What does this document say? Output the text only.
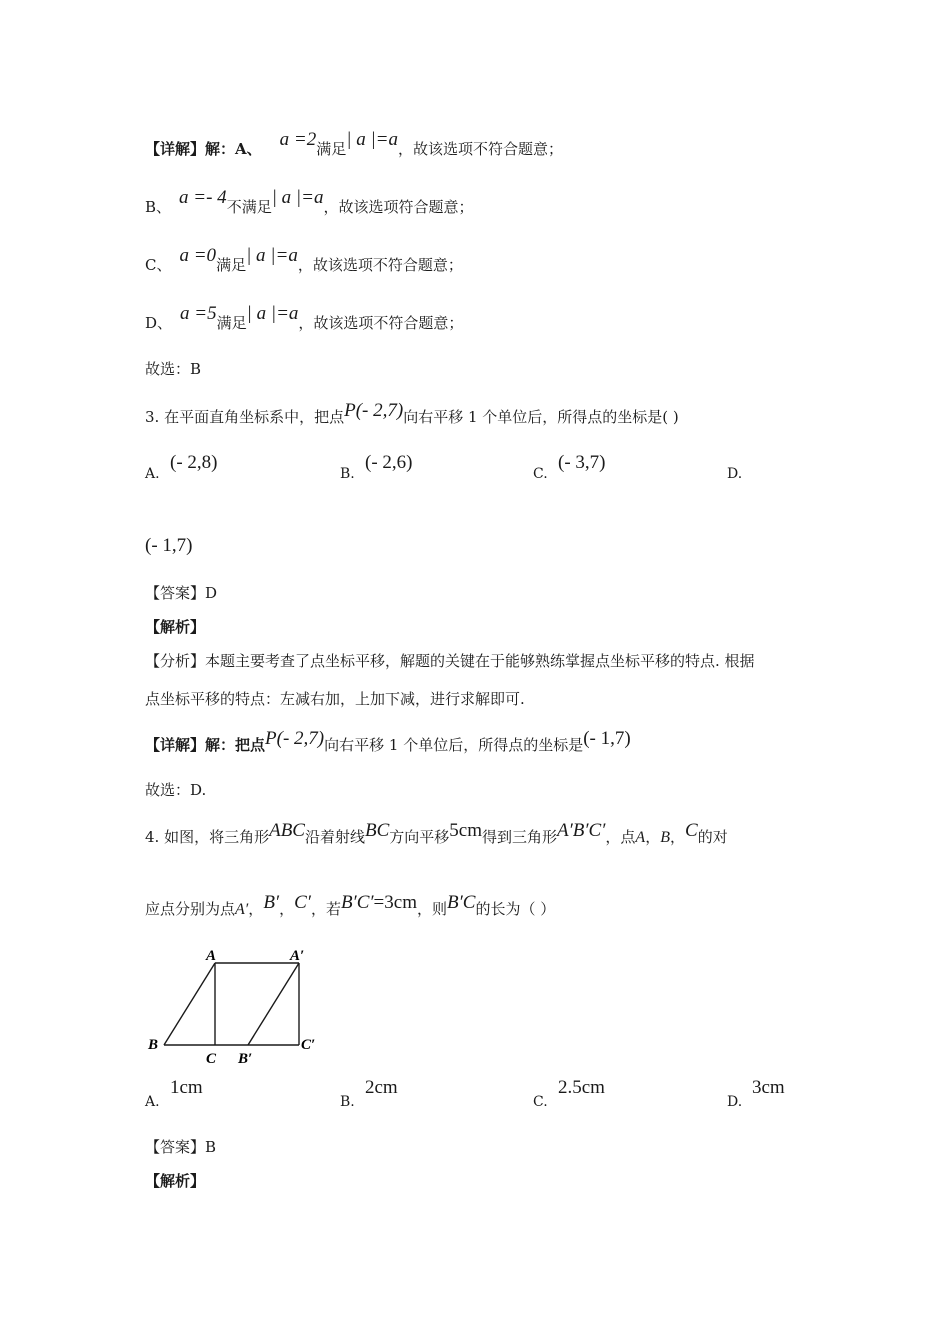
【详解】解：A、 a =2满足| a |=a，故该选项不符合题意；
B、 a =- 4不满足| a |=a，故该选项符合题意；
C、 a =0满足| a |=a，故该选项不符合题意；
D、 a =5满足| a |=a，故该选项不符合题意；
故选：B
3. 在平面直角坐标系中，把点P(- 2,7)向右平移 1 个单位后，所得点的坐标是( )
A.
(- 2,8)
B.
(- 2,6)
C.
(- 3,7)
D.
(- 1,7)
【答案】D
【解析】
【分析】本题主要考查了点坐标平移，解题的关键在于能够熟练掌握点坐标平移的特点. 根据
点坐标平移的特点：左减右加，上加下减，进行求解即可.
【详解】解：把点P(- 2,7)向右平移 1 个单位后，所得点的坐标是(- 1,7)
故选：D.
4. 如图，将三角形ABC沿着射线BC方向平移5cm得到三角形A′B′C′，点A，B，C的对
应点分别为点A′，B′，C′，若B′C′=3cm，则B′C的长为（ ）
A	A′
B
C B′
C′
A.
1cm
B.
2cm
C.
2.5cm
D.
3cm
【答案】B
【解析】
